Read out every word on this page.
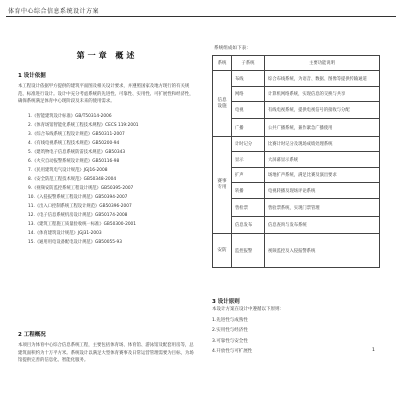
体育中心综合信息系统设计方案
第一章 概述
1 设计依据
本工程设计依据甲方提供的建筑平面图及相关设计要求，并遵照国家及地方现行的有关规范、标准进行设计。设计中充分考虑系统的先进性、可靠性、实用性、可扩展性和经济性，确保系统满足体育中心现阶段及未来的使用需求。
1.《智能建筑设计标准》GB/T50314-2006
2.《体育场馆智能化系统工程技术规程》CECS 119:2001
3.《综合布线系统工程设计规范》GB50311-2007
4.《有线电视系统工程技术规范》GB50200-94
5.《建筑物电子信息系统防雷技术规范》GB50343
6.《火灾自动报警系统设计规范》GB50116-98
7.《民用建筑电气设计规范》JGJ16-2008
8.《安全防范工程技术规范》GB50348-2004
9.《视频安防监控系统工程设计规范》GB50395-2007
10.《入侵报警系统工程设计规范》GB50394-2007
11.《出入口控制系统工程设计规范》GB50396-2007
12.《电子信息系统机房设计规范》GB50174-2008
13.《建筑工程施工质量验收统一标准》GB50300-2001
14.《体育建筑设计规范》JGJ31-2003
15.《通用用电设备配电设计规范》GB50055-93
2 工程概况
本项目为体育中心综合信息系统工程，主要包括体育场、体育馆、游泳馆及配套用房等，总建筑面积约为十万平方米。系统设计以满足大型体育赛事及日常运营管理需要为目标，为场馆提供完善的信息化、智能化服务。
系统组成如下表：
系统	子系统	主要功能说明
信息设施	布线	综合布线系统，为语音、数据、图像等提供传输通道
	网络	计算机网络系统，实现信息的交换与共享
	电视	有线电视系统，提供电视信号的接收与分配
	广播	公共广播系统，兼作紧急广播使用
赛事专用	计时记分	比赛计时记分及现场成绩处理系统
	显示	大屏幕显示系统
	扩声	场地扩声系统，满足比赛及演出要求
	转播	电视转播及现场评论系统
	售检票	售验票系统，实现门票管理
	信息发布	信息查询与发布系统
安防	监控报警	视频监控及入侵报警系统
3 设计原则
本设计方案在设计中遵循以下原则：
1.先进性与成熟性
2.实用性与经济性
3.可靠性与安全性
4.开放性与可扩展性	1
